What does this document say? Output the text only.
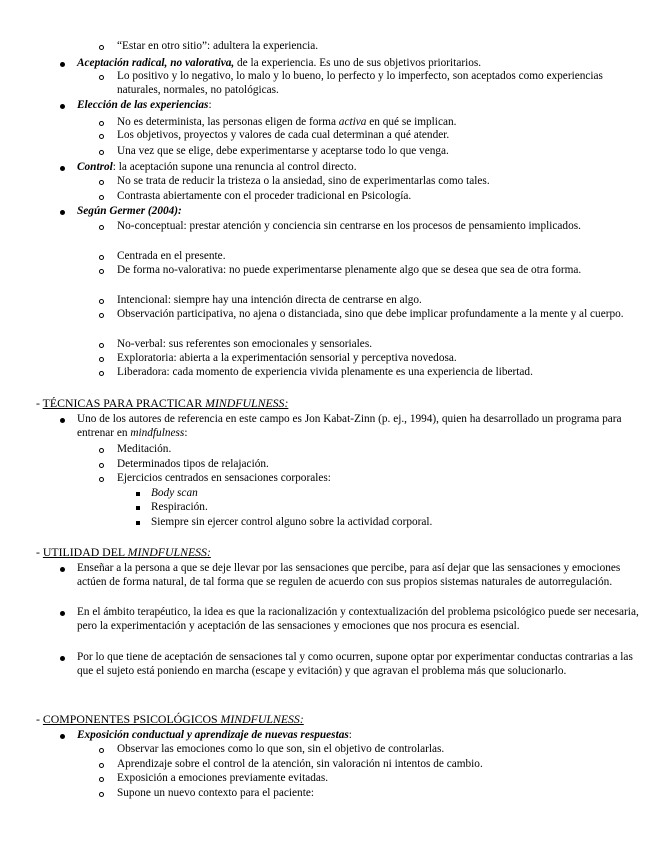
“Estar en otro sitio”: adultera la experiencia.
Aceptación radical, no valorativa, de la experiencia. Es uno de sus objetivos prioritarios.
Lo positivo y lo negativo, lo malo y lo bueno, lo perfecto y lo imperfecto, son aceptados como experiencias naturales, normales, no patológicas.
Elección de las experiencias:
No es determinista, las personas eligen de forma activa en qué se implican.
Los objetivos, proyectos y valores de cada cual determinan a qué atender.
Una vez que se elige, debe experimentarse y aceptarse todo lo que venga.
Control: la aceptación supone una renuncia al control directo.
No se trata de reducir la tristeza o la ansiedad, sino de experimentarlas como tales.
Contrasta abiertamente con el proceder tradicional en Psicología.
Según Germer (2004):
No-conceptual: prestar atención y conciencia sin centrarse en los procesos de pensamiento implicados.
Centrada en el presente.
De forma no-valorativa: no puede experimentarse plenamente algo que se desea que sea de otra forma.
Intencional: siempre hay una intención directa de centrarse en algo.
Observación participativa, no ajena o distanciada, sino que debe implicar profundamente a la mente y al cuerpo.
No-verbal: sus referentes son emocionales y sensoriales.
Exploratoria: abierta a la experimentación sensorial y perceptiva novedosa.
Liberadora: cada momento de experiencia vivida plenamente es una experiencia de libertad.
- TÉCNICAS PARA PRACTICAR MINDFULNESS:
Uno de los autores de referencia en este campo es Jon Kabat-Zinn (p. ej., 1994), quien ha desarrollado un programa para entrenar en mindfulness:
Meditación.
Determinados tipos de relajación.
Ejercicios centrados en sensaciones corporales:
Body scan
Respiración.
Siempre sin ejercer control alguno sobre la actividad corporal.
- UTILIDAD DEL MINDFULNESS:
Enseñar a la persona a que se deje llevar por las sensaciones que percibe, para así dejar que las sensaciones y emociones actúen de forma natural, de tal forma que se regulen de acuerdo con sus propios sistemas naturales de autorregulación.
En el ámbito terapéutico, la idea es que la racionalización y contextualización del problema psicológico puede ser necesaria, pero la experimentación y aceptación de las sensaciones y emociones que nos procura es esencial.
Por lo que tiene de aceptación de sensaciones tal y como ocurren, supone optar por experimentar conductas contrarias a las que el sujeto está poniendo en marcha (escape y evitación) y que agravan el problema más que solucionarlo.
- COMPONENTES PSICOLÓGICOS MINDFULNESS:
Exposición conductual y aprendizaje de nuevas respuestas:
Observar las emociones como lo que son, sin el objetivo de controlarlas.
Aprendizaje sobre el control de la atención, sin valoración ni intentos de cambio.
Exposición a emociones previamente evitadas.
Supone un nuevo contexto para el paciente:
